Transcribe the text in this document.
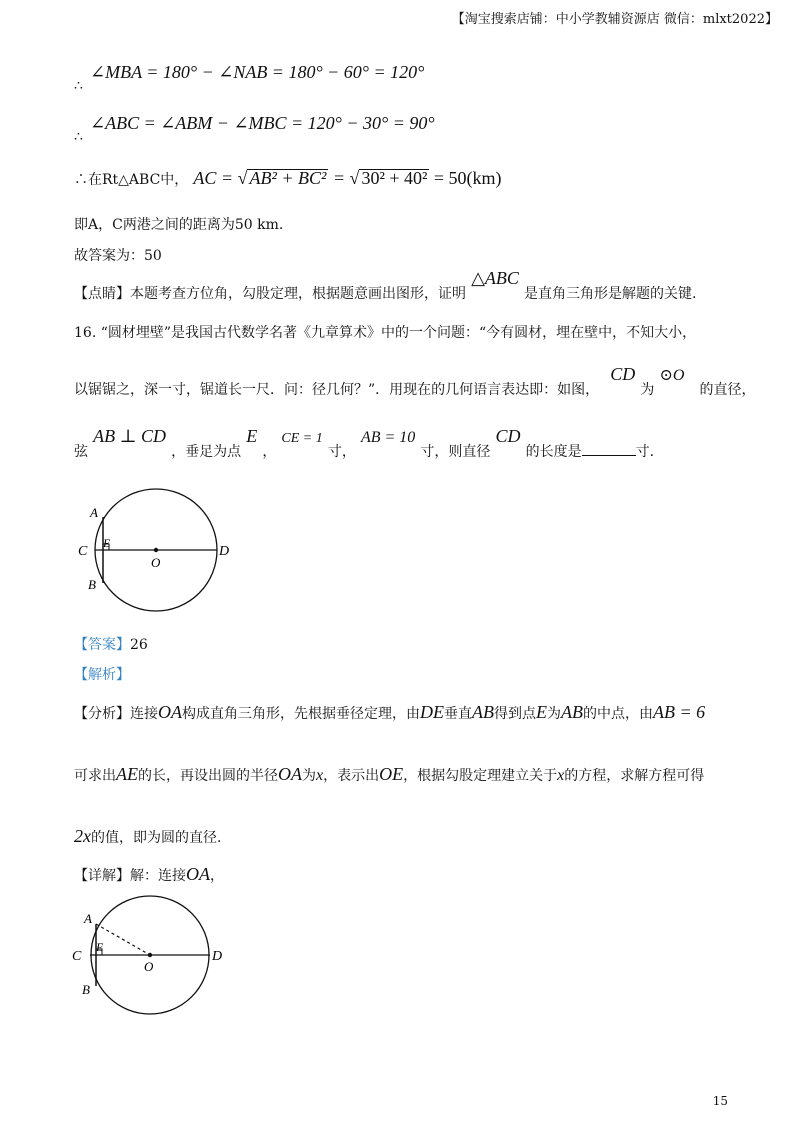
【淘宝搜索店铺：中小学教辅资源店 微信：mlxt2022】
∠MBA = 180° − ∠NAB = 180° − 60° = 120°
∴
∠ABC = ∠ABM − ∠MBC = 120° − 30° = 90°
∴
∴在Rt△ABC中， AC = √ AB² + BC² = √ 30² + 40² = 50(km)
即A，C两港之间的距离为50 km.
故答案为：50
【点睛】本题考查方位角，勾股定理，根据题意画出图形，证明 △ABC 是直角三角形是解题的关键.
16. “圆材埋壁”是我国古代数学名著《九章算术》中的一个问题：“今有圆材，埋在壁中，不知大小，
以锯锯之，深一寸，锯道长一尺．问：径几何？”．用现在的几何语言表达即：如图， CD 为 ⊙O 的直径，
弦 AB ⊥ CD ，垂足为点 E ， CE = 1 寸， AB = 10 寸，则直径 CD 的长度是	寸.
A
C
E
O
D
B
【答案】26
【解析】
【分析】连接OA构成直角三角形，先根据垂径定理，由DE垂直AB得到点E为AB的中点，由AB = 6
可求出AE的长，再设出圆的半径OA为x，表示出OE，根据勾股定理建立关于x的方程，求解方程可得
2x的值，即为圆的直径.
【详解】解：连接OA，
A
C
E
O
D
B
15
